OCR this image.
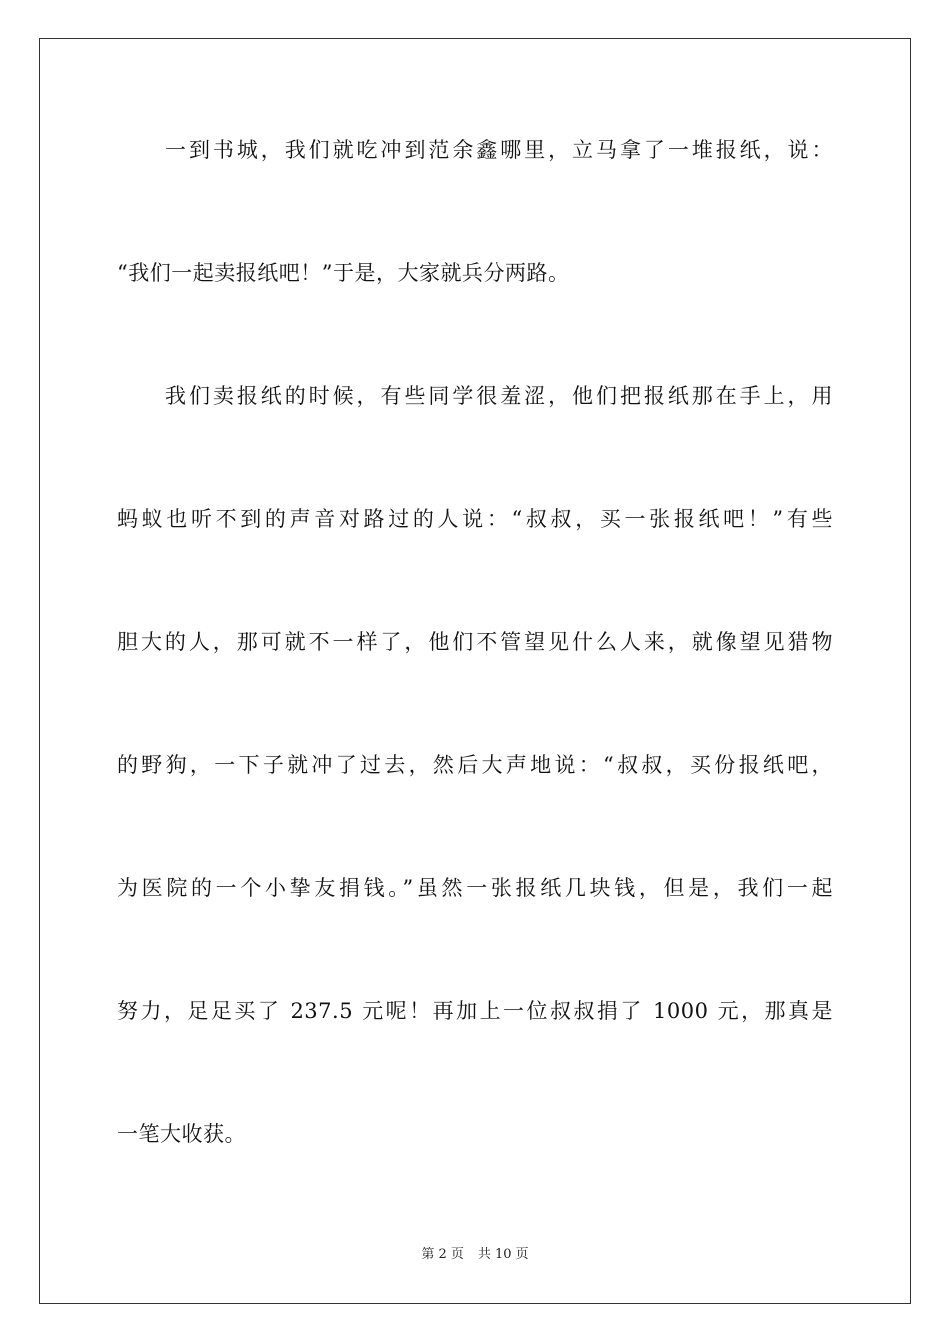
一到书城，我们就吃冲到范余鑫哪里，立马拿了一堆报纸，说：
“我们一起卖报纸吧！”于是，大家就兵分两路。
我们卖报纸的时候，有些同学很羞涩，他们把报纸那在手上，用
蚂蚁也听不到的声音对路过的人说：“叔叔，买一张报纸吧！”有些
胆大的人，那可就不一样了，他们不管望见什么人来，就像望见猎物
的野狗，一下子就冲了过去，然后大声地说：“叔叔，买份报纸吧，
为医院的一个小挚友捐钱。”虽然一张报纸几块钱，但是，我们一起
努力，足足买了 237.5 元呢！再加上一位叔叔捐了 1000 元，那真是
一笔大收获。
第 2 页 共 10 页
